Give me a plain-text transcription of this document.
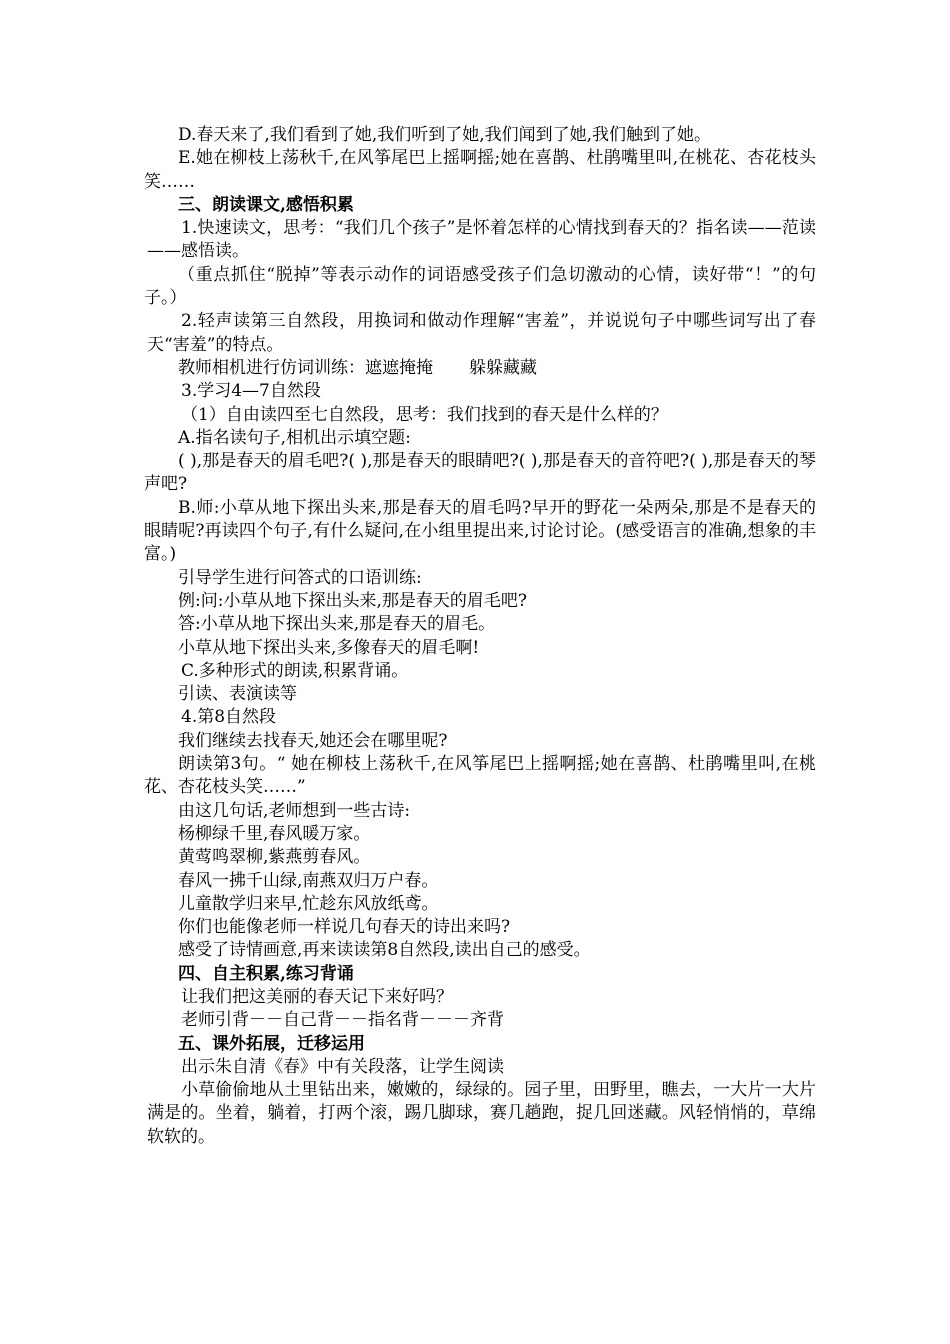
D.春天来了,我们看到了她,我们听到了她,我们闻到了她,我们触到了她。

E.她在柳枝上荡秋千,在风筝尾巴上摇啊摇;她在喜鹊、杜鹃嘴里叫,在桃花、杏花枝头笑……

三、朗读课文,感悟积累

1.快速读文，思考：“我们几个孩子”是怀着怎样的心情找到春天的？指名读——范读——感悟读。

（重点抓住“脱掉”等表示动作的词语感受孩子们急切激动的心情，读好带“！”的句子。）

2.轻声读第三自然段，用换词和做动作理解“害羞”，并说说句子中哪些词写出了春天“害羞”的特点。

教师相机进行仿词训练：遮遮掩掩 躲躲藏藏

3.学习4—7自然段

（1）自由读四至七自然段，思考：我们找到的春天是什么样的？

A.指名读句子,相机出示填空题:

( ),那是春天的眉毛吧?( ),那是春天的眼睛吧?( ),那是春天的音符吧?( ),那是春天的琴声吧?

B.师:小草从地下探出头来,那是春天的眉毛吗?早开的野花一朵两朵,那是不是春天的眼睛呢?再读四个句子,有什么疑问,在小组里提出来,讨论讨论。(感受语言的准确,想象的丰富。)

引导学生进行问答式的口语训练:

例:问:小草从地下探出头来,那是春天的眉毛吧?

答:小草从地下探出头来,那是春天的眉毛。

小草从地下探出头来,多像春天的眉毛啊!

C.多种形式的朗读,积累背诵。

引读、表演读等

4.第8自然段

我们继续去找春天,她还会在哪里呢?

朗读第3句。“ 她在柳枝上荡秋千,在风筝尾巴上摇啊摇;她在喜鹊、杜鹃嘴里叫,在桃花、杏花枝头笑……”

由这几句话,老师想到一些古诗:

杨柳绿千里,春风暖万家。

黄莺鸣翠柳,紫燕剪春风。

春风一拂千山绿,南燕双归万户春。

儿童散学归来早,忙趁东风放纸鸢。

你们也能像老师一样说几句春天的诗出来吗?

感受了诗情画意,再来读读第8自然段,读出自己的感受。

四、自主积累,练习背诵

让我们把这美丽的春天记下来好吗？

老师引背－－自己背－－指名背－－－齐背

五、课外拓展，迁移运用

出示朱自清《春》中有关段落，让学生阅读

小草偷偷地从土里钻出来，嫩嫩的，绿绿的。园子里，田野里，瞧去，一大片一大片满是的。坐着，躺着，打两个滚，踢几脚球，赛几趟跑，捉几回迷藏。风轻悄悄的，草绵软软的。
